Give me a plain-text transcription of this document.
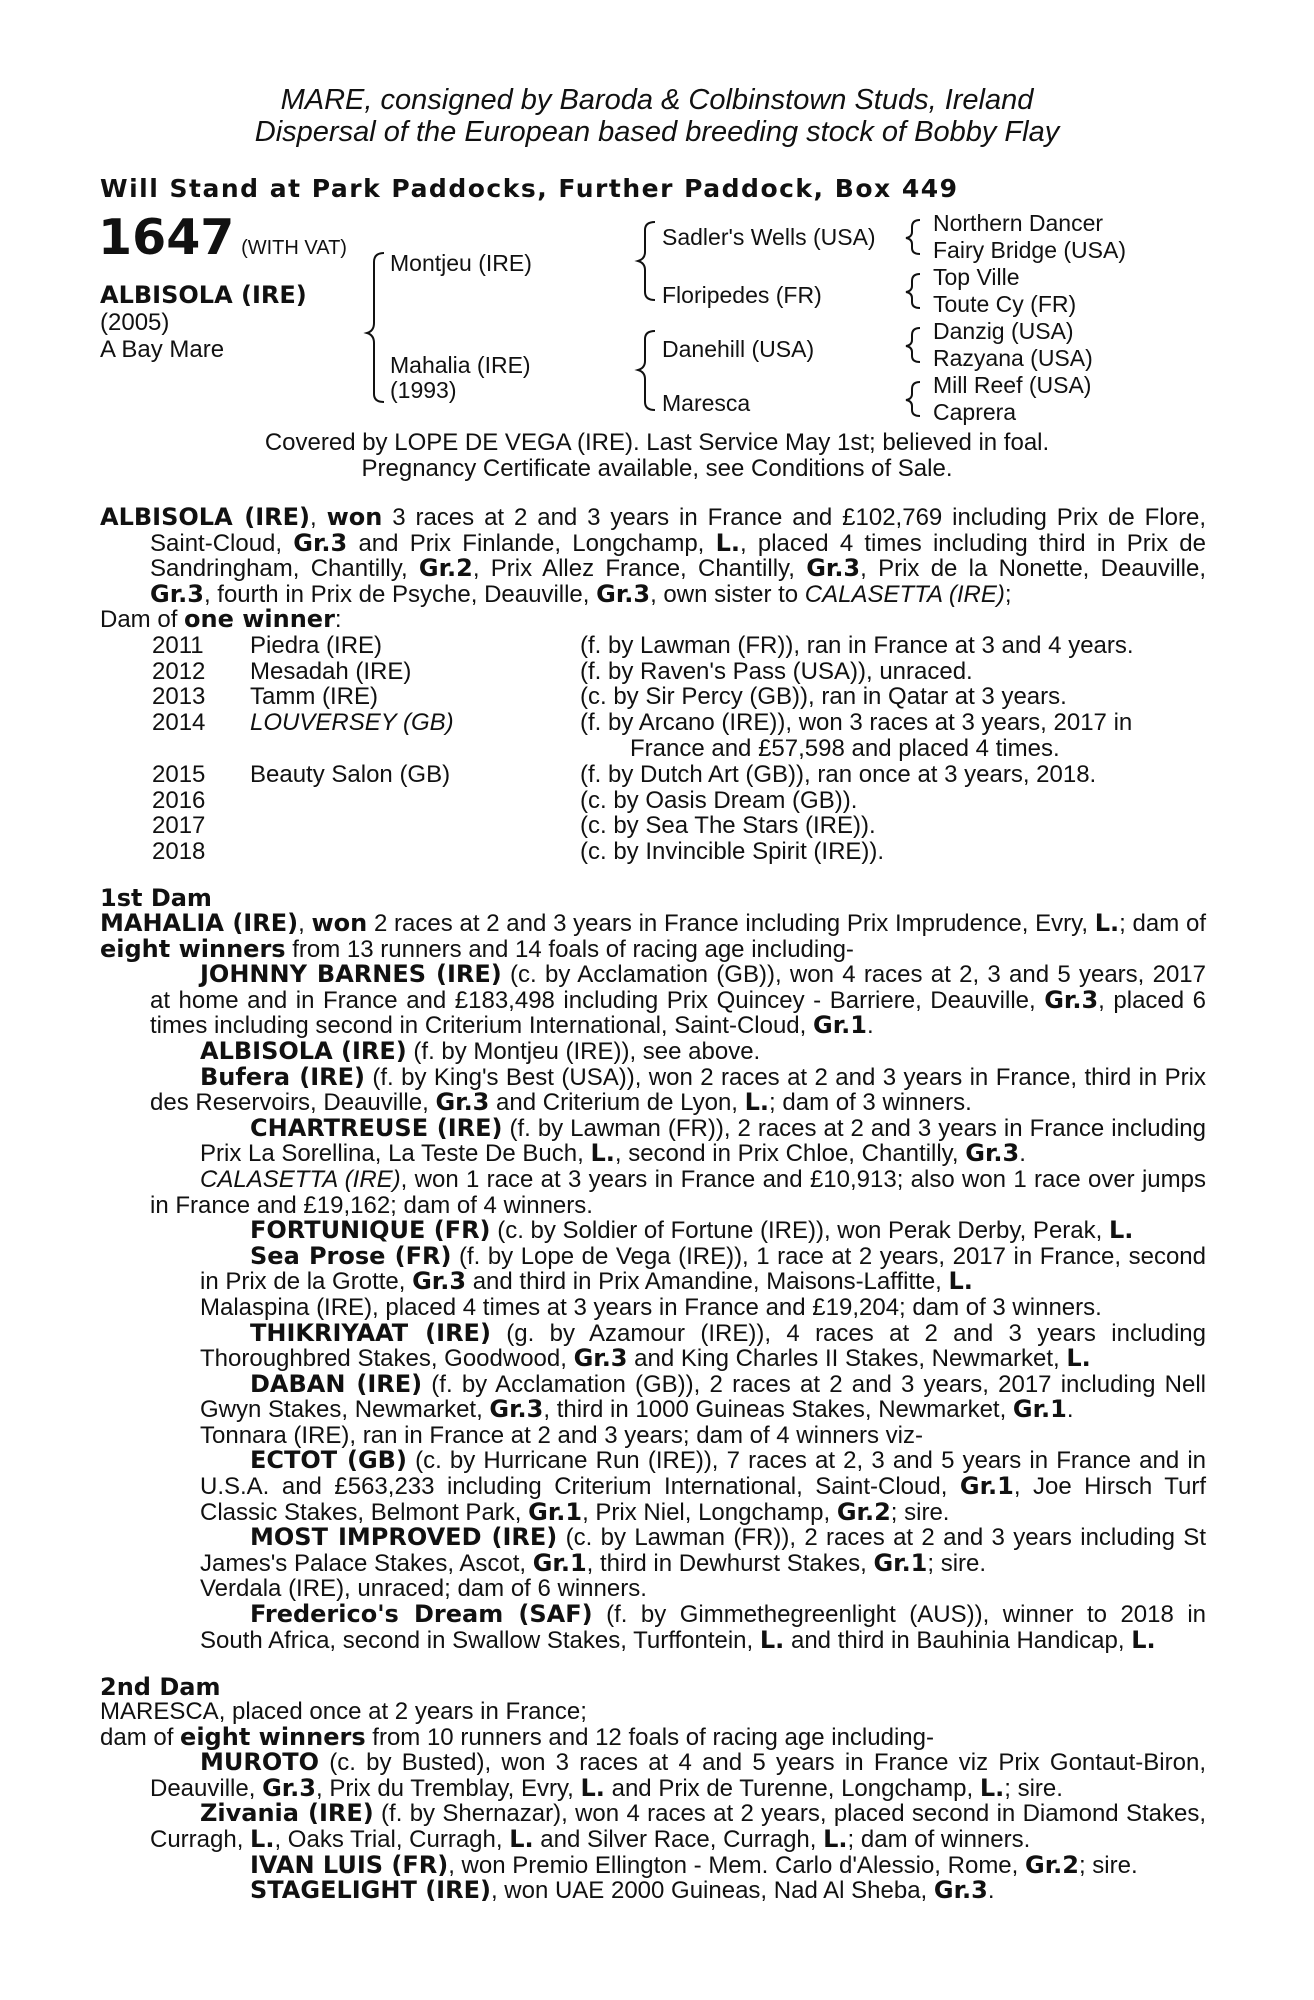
MARE, consigned by Baroda & Colbinstown Studs, Ireland
Dispersal of the European based breeding stock of Bobby Flay
Will Stand at Park Paddocks, Further Paddock, Box 449
1647 (WITH VAT)
ALBISOLA (IRE)
(2005)
A Bay Mare
Montjeu (IRE)
Mahalia (IRE)
(1993)
Sadler's Wells (USA)
Floripedes (FR)
Danehill (USA)
Maresca
Northern Dancer
Fairy Bridge (USA)
Top Ville
Toute Cy (FR)
Danzig (USA)
Razyana (USA)
Mill Reef (USA)
Caprera
Covered by LOPE DE VEGA (IRE). Last Service May 1st; believed in foal.
Pregnancy Certificate available, see Conditions of Sale.
ALBISOLA (IRE), won 3 races at 2 and 3 years in France and £102,769 including Prix de Flore, Saint-Cloud, Gr.3 and Prix Finlande, Longchamp, L., placed 4 times including third in Prix de Sandringham, Chantilly, Gr.2, Prix Allez France, Chantilly, Gr.3, Prix de la Nonette, Deauville, Gr.3, fourth in Prix de Psyche, Deauville, Gr.3, own sister to CALASETTA (IRE);
Dam of one winner:
2011 Piedra (IRE)	(f. by Lawman (FR)), ran in France at 3 and 4 years.
2012 Mesadah (IRE)	(f. by Raven's Pass (USA)), unraced.
2013 Tamm (IRE)	(c. by Sir Percy (GB)), ran in Qatar at 3 years.
2014 LOUVERSEY (GB)	(f. by Arcano (IRE)), won 3 races at 3 years, 2017 in
France and £57,598 and placed 4 times.
2015 Beauty Salon (GB)	(f. by Dutch Art (GB)), ran once at 3 years, 2018.
2016	(c. by Oasis Dream (GB)).
2017	(c. by Sea The Stars (IRE)).
2018	(c. by Invincible Spirit (IRE)).
1st Dam
MAHALIA (IRE), won 2 races at 2 and 3 years in France including Prix Imprudence, Evry, L.; dam of eight winners from 13 runners and 14 foals of racing age including-
JOHNNY BARNES (IRE) (c. by Acclamation (GB)), won 4 races at 2, 3 and 5 years, 2017 at home and in France and £183,498 including Prix Quincey - Barriere, Deauville, Gr.3, placed 6 times including second in Criterium International, Saint-Cloud, Gr.1.
ALBISOLA (IRE) (f. by Montjeu (IRE)), see above.
Bufera (IRE) (f. by King's Best (USA)), won 2 races at 2 and 3 years in France, third in Prix des Reservoirs, Deauville, Gr.3 and Criterium de Lyon, L.; dam of 3 winners.
CHARTREUSE (IRE) (f. by Lawman (FR)), 2 races at 2 and 3 years in France including Prix La Sorellina, La Teste De Buch, L., second in Prix Chloe, Chantilly, Gr.3.
CALASETTA (IRE), won 1 race at 3 years in France and £10,913; also won 1 race over jumps in France and £19,162; dam of 4 winners.
FORTUNIQUE (FR) (c. by Soldier of Fortune (IRE)), won Perak Derby, Perak, L.
Sea Prose (FR) (f. by Lope de Vega (IRE)), 1 race at 2 years, 2017 in France, second in Prix de la Grotte, Gr.3 and third in Prix Amandine, Maisons-Laffitte, L.
Malaspina (IRE), placed 4 times at 3 years in France and £19,204; dam of 3 winners.
THIKRIYAAT (IRE) (g. by Azamour (IRE)), 4 races at 2 and 3 years including Thoroughbred Stakes, Goodwood, Gr.3 and King Charles II Stakes, Newmarket, L.
DABAN (IRE) (f. by Acclamation (GB)), 2 races at 2 and 3 years, 2017 including Nell Gwyn Stakes, Newmarket, Gr.3, third in 1000 Guineas Stakes, Newmarket, Gr.1.
Tonnara (IRE), ran in France at 2 and 3 years; dam of 4 winners viz-
ECTOT (GB) (c. by Hurricane Run (IRE)), 7 races at 2, 3 and 5 years in France and in U.S.A. and £563,233 including Criterium International, Saint-Cloud, Gr.1, Joe Hirsch Turf Classic Stakes, Belmont Park, Gr.1, Prix Niel, Longchamp, Gr.2; sire.
MOST IMPROVED (IRE) (c. by Lawman (FR)), 2 races at 2 and 3 years including St James's Palace Stakes, Ascot, Gr.1, third in Dewhurst Stakes, Gr.1; sire.
Verdala (IRE), unraced; dam of 6 winners.
Frederico's Dream (SAF) (f. by Gimmethegreenlight (AUS)), winner to 2018 in South Africa, second in Swallow Stakes, Turffontein, L. and third in Bauhinia Handicap, L.
2nd Dam
MARESCA, placed once at 2 years in France;
dam of eight winners from 10 runners and 12 foals of racing age including-
MUROTO (c. by Busted), won 3 races at 4 and 5 years in France viz Prix Gontaut-Biron, Deauville, Gr.3, Prix du Tremblay, Evry, L. and Prix de Turenne, Longchamp, L.; sire.
Zivania (IRE) (f. by Shernazar), won 4 races at 2 years, placed second in Diamond Stakes, Curragh, L., Oaks Trial, Curragh, L. and Silver Race, Curragh, L.; dam of winners.
IVAN LUIS (FR), won Premio Ellington - Mem. Carlo d'Alessio, Rome, Gr.2; sire.
STAGELIGHT (IRE), won UAE 2000 Guineas, Nad Al Sheba, Gr.3.
